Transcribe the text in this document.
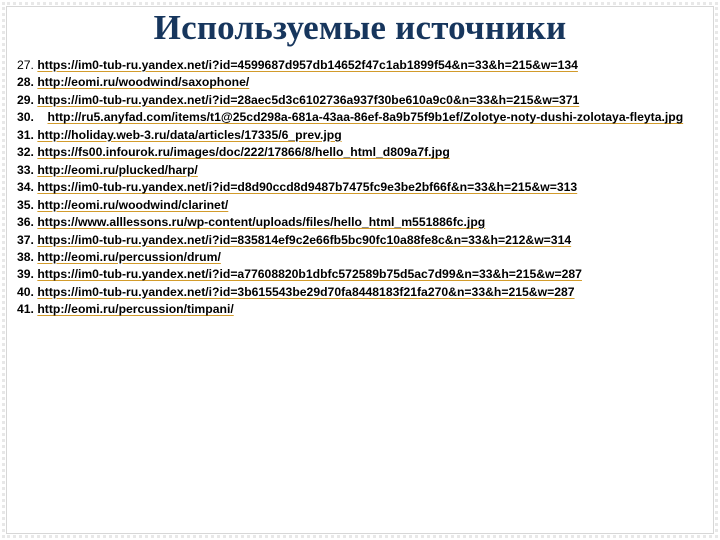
Используемые источники
27. https://im0-tub-ru.yandex.net/i?id=4599687d957db14652f47c1ab1899f54&n=33&h=215&w=134
28. http://eomi.ru/woodwind/saxophone/
29. https://im0-tub-ru.yandex.net/i?id=28aec5d3c6102736a937f30be610a9c0&n=33&h=215&w=371
30. http://ru5.anyfad.com/items/t1@25cd298a-681a-43aa-86ef-8a9b75f9b1ef/Zolotye-noty-dushi-zolotaya-fleyta.jpg
31. http://holiday.web-3.ru/data/articles/17335/6_prev.jpg
32. https://fs00.infourok.ru/images/doc/222/17866/8/hello_html_d809a7f.jpg
33. http://eomi.ru/plucked/harp/
34. https://im0-tub-ru.yandex.net/i?id=d8d90ccd8d9487b7475fc9e3be2bf66f&n=33&h=215&w=313
35. http://eomi.ru/woodwind/clarinet/
36. https://www.alllessons.ru/wp-content/uploads/files/hello_html_m551886fc.jpg
37. https://im0-tub-ru.yandex.net/i?id=835814ef9c2e66fb5bc90fc10a88fe8c&n=33&h=212&w=314
38. http://eomi.ru/percussion/drum/
39. https://im0-tub-ru.yandex.net/i?id=a77608820b1dbfc572589b75d5ac7d99&n=33&h=215&w=287
40. https://im0-tub-ru.yandex.net/i?id=3b615543be29d70fa8448183f21fa270&n=33&h=215&w=287
41. http://eomi.ru/percussion/timpani/
